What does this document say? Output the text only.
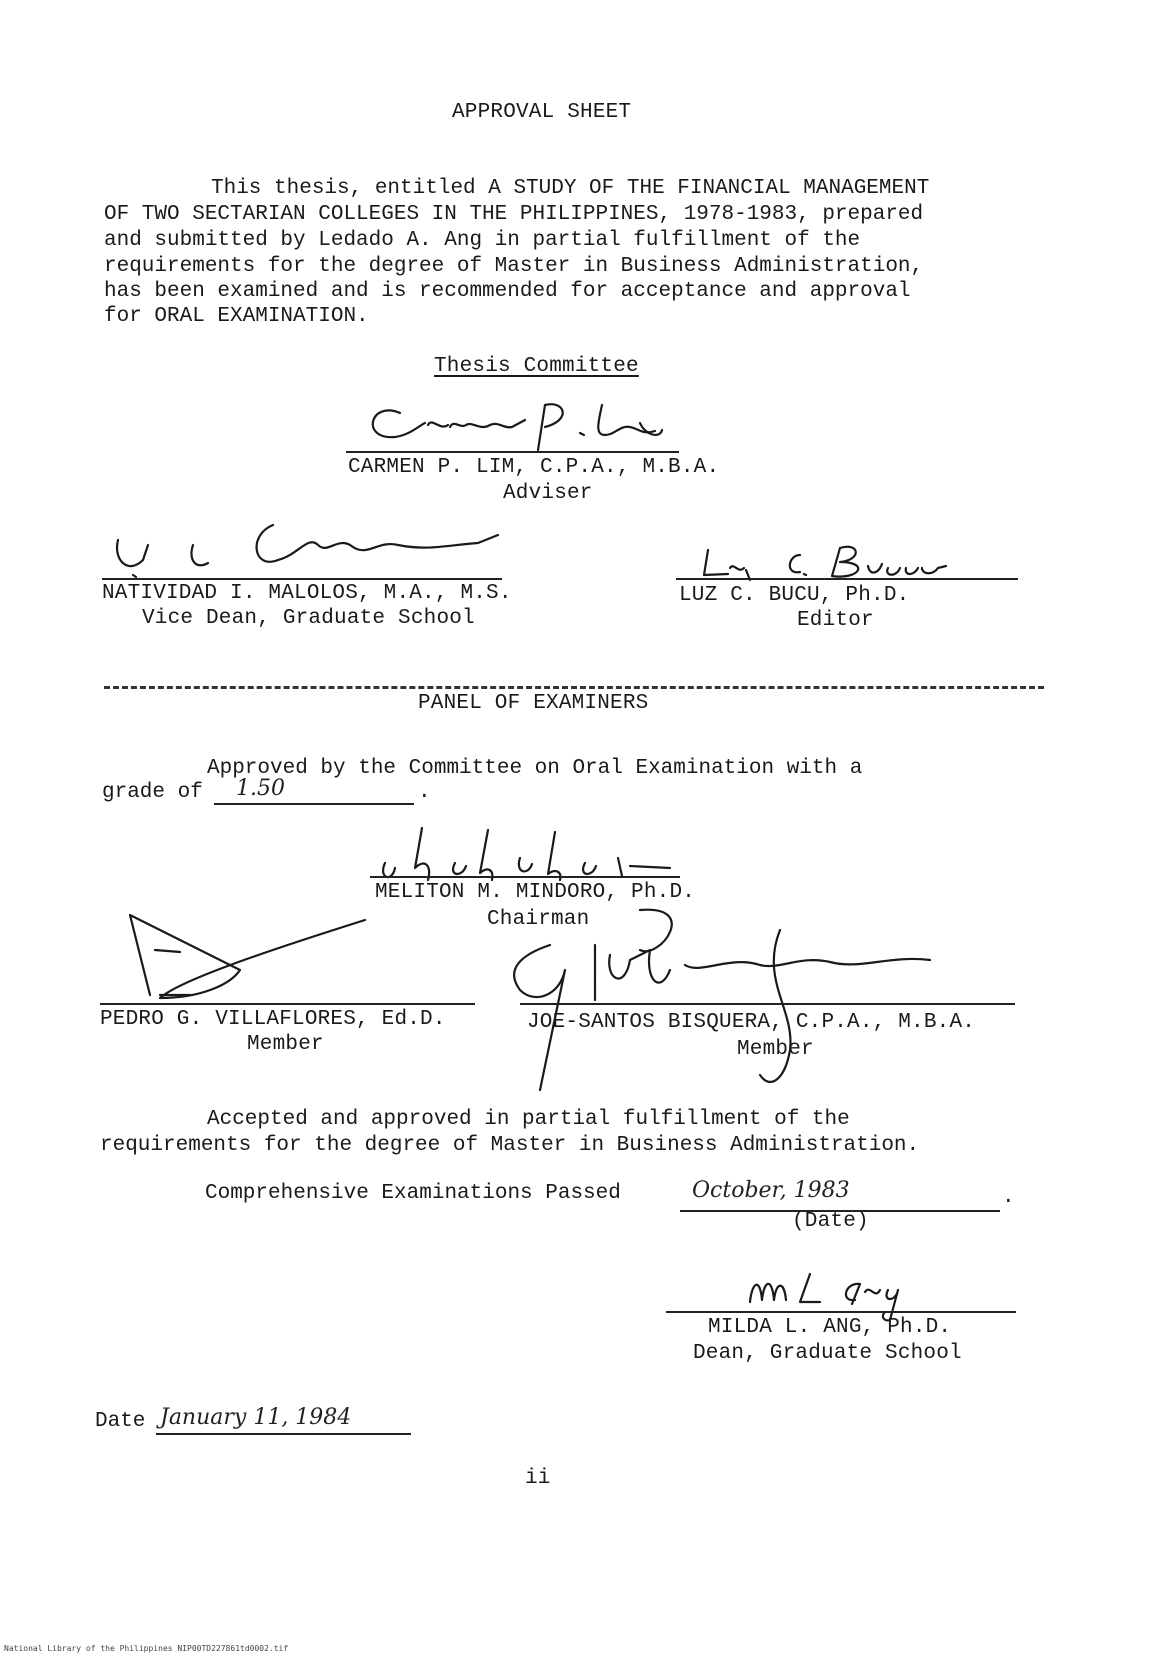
APPROVAL SHEET
This thesis, entitled A STUDY OF THE FINANCIAL MANAGEMENT
OF TWO SECTARIAN COLLEGES IN THE PHILIPPINES, 1978-1983, prepared
and submitted by Ledado A. Ang in partial fulfillment of the
requirements for the degree of Master in Business Administration,
has been examined and is recommended for acceptance and approval
for ORAL EXAMINATION.
Thesis Committee
CARMEN P. LIM, C.P.A., M.B.A.
Adviser
NATIVIDAD I. MALOLOS, M.A., M.S.
Vice Dean, Graduate School
LUZ C. BUCU, Ph.D.
Editor
PANEL OF EXAMINERS
Approved by the Committee on Oral Examination with a
grade of 1.50	.
MELITON M. MINDORO, Ph.D.
Chairman
PEDRO G. VILLAFLORES, Ed.D.
Member
JOE-SANTOS BISQUERA, C.P.A., M.B.A.
Member
Accepted and approved in partial fulfillment of the
requirements for the degree of Master in Business Administration.
Comprehensive Examinations Passed	October, 1983	.
(Date)
MILDA L. ANG, Ph.D.
Dean, Graduate School
Date January 11, 1984
ii
National Library of the Philippines NIP00TD227861td0002.tif
